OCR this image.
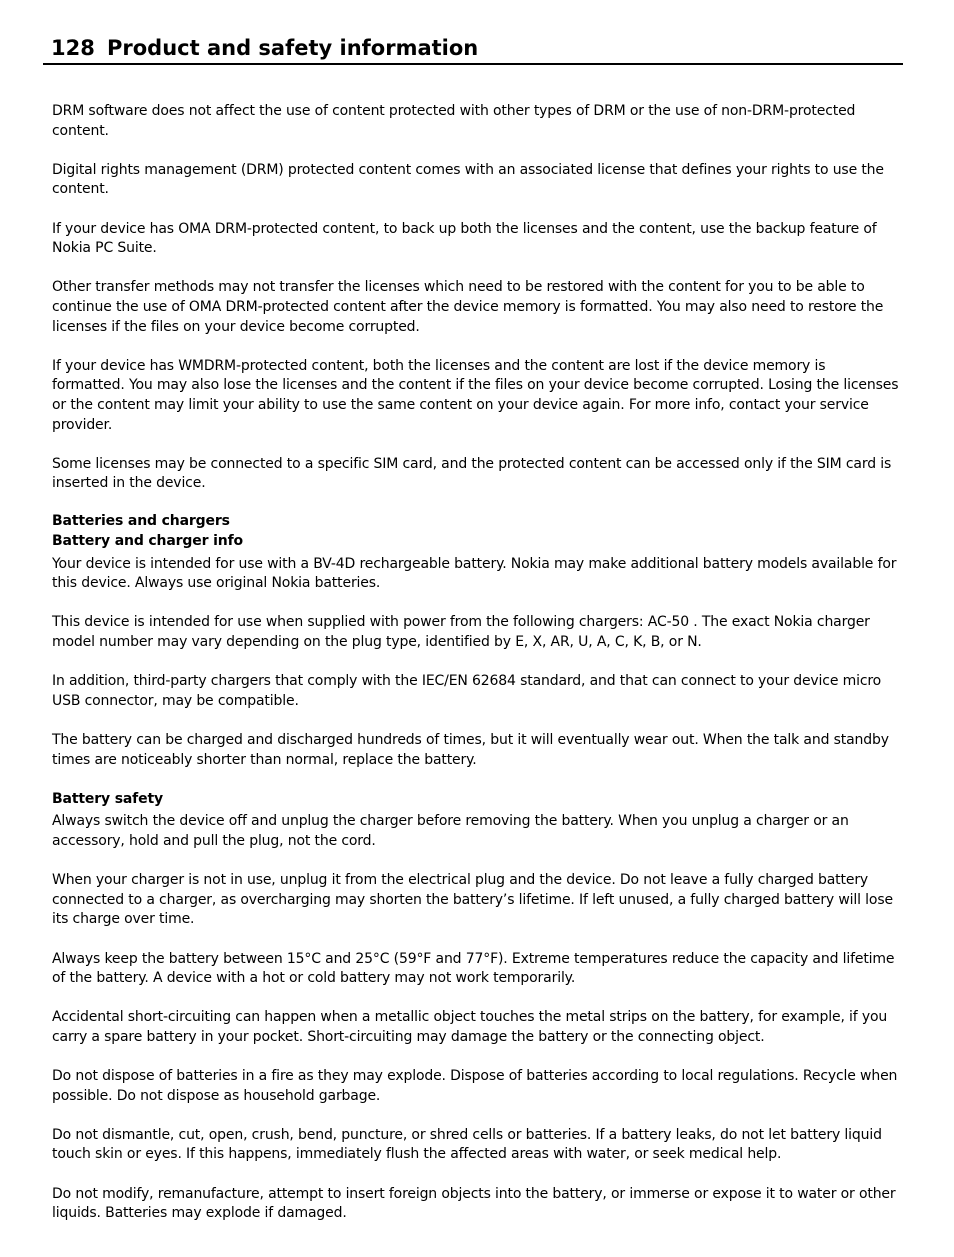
128 Product and safety information

DRM software does not affect the use of content protected with other types of DRM or the use of non-DRM-protected content.

Digital rights management (DRM) protected content comes with an associated license that defines your rights to use the content.

If your device has OMA DRM-protected content, to back up both the licenses and the content, use the backup feature of Nokia PC Suite.

Other transfer methods may not transfer the licenses which need to be restored with the content for you to be able to continue the use of OMA DRM-protected content after the device memory is formatted. You may also need to restore the licenses if the files on your device become corrupted.

If your device has WMDRM-protected content, both the licenses and the content are lost if the device memory is formatted. You may also lose the licenses and the content if the files on your device become corrupted. Losing the licenses or the content may limit your ability to use the same content on your device again. For more info, contact your service provider.

Some licenses may be connected to a specific SIM card, and the protected content can be accessed only if the SIM card is inserted in the device.

Batteries and chargers
Battery and charger info

Your device is intended for use with a BV-4D rechargeable battery. Nokia may make additional battery models available for this device. Always use original Nokia batteries.

This device is intended for use when supplied with power from the following chargers: AC-50 . The exact Nokia charger model number may vary depending on the plug type, identified by E, X, AR, U, A, C, K, B, or N.

In addition, third-party chargers that comply with the IEC/EN 62684 standard, and that can connect to your device micro USB connector, may be compatible.

The battery can be charged and discharged hundreds of times, but it will eventually wear out. When the talk and standby times are noticeably shorter than normal, replace the battery.

Battery safety

Always switch the device off and unplug the charger before removing the battery. When you unplug a charger or an accessory, hold and pull the plug, not the cord.

When your charger is not in use, unplug it from the electrical plug and the device. Do not leave a fully charged battery connected to a charger, as overcharging may shorten the battery’s lifetime. If left unused, a fully charged battery will lose its charge over time.

Always keep the battery between 15°C and 25°C (59°F and 77°F). Extreme temperatures reduce the capacity and lifetime of the battery. A device with a hot or cold battery may not work temporarily.

Accidental short-circuiting can happen when a metallic object touches the metal strips on the battery, for example, if you carry a spare battery in your pocket. Short-circuiting may damage the battery or the connecting object.

Do not dispose of batteries in a fire as they may explode. Dispose of batteries according to local regulations. Recycle when possible. Do not dispose as household garbage.

Do not dismantle, cut, open, crush, bend, puncture, or shred cells or batteries. If a battery leaks, do not let battery liquid touch skin or eyes. If this happens, immediately flush the affected areas with water, or seek medical help.

Do not modify, remanufacture, attempt to insert foreign objects into the battery, or immerse or expose it to water or other liquids. Batteries may explode if damaged.
